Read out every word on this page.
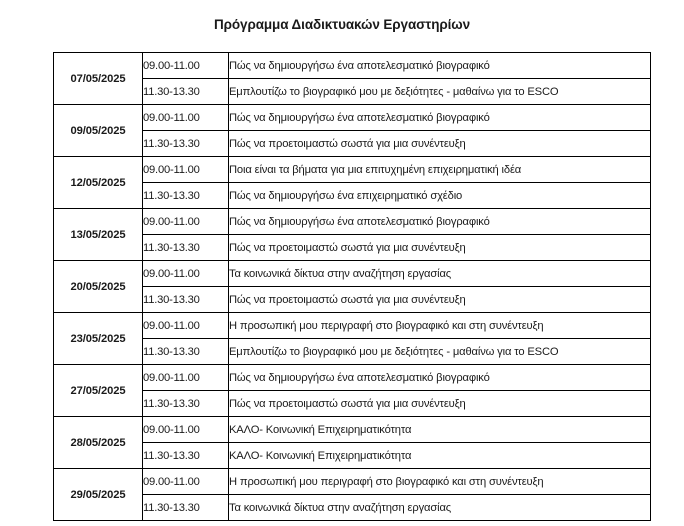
Πρόγραμμα Διαδικτυακών Εργαστηρίων
07/05/2025	09.00-11.00	Πώς να δημιουργήσω ένα αποτελεσματικό βιογραφικό
	11.30-13.30	Εμπλουτίζω το βιογραφικό μου με δεξιότητες - μαθαίνω για το ESCO
09/05/2025	09.00-11.00	Πώς να δημιουργήσω ένα αποτελεσματικό βιογραφικό
	11.30-13.30	Πώς να προετοιμαστώ σωστά για μια συνέντευξη
12/05/2025	09.00-11.00	Ποια είναι τα βήματα για μια επιτυχημένη επιχειρηματική ιδέα
	11.30-13.30	Πώς να δημιουργήσω ένα επιχειρηματικό σχέδιο
13/05/2025	09.00-11.00	Πώς να δημιουργήσω ένα αποτελεσματικό βιογραφικό
	11.30-13.30	Πώς να προετοιμαστώ σωστά για μια συνέντευξη
20/05/2025	09.00-11.00	Τα κοινωνικά δίκτυα στην αναζήτηση εργασίας
	11.30-13.30	Πώς να προετοιμαστώ σωστά για μια συνέντευξη
23/05/2025	09.00-11.00	Η προσωπική μου περιγραφή στο βιογραφικό και στη συνέντευξη
	11.30-13.30	Εμπλουτίζω το βιογραφικό μου με δεξιότητες - μαθαίνω για το ESCO
27/05/2025	09.00-11.00	Πώς να δημιουργήσω ένα αποτελεσματικό βιογραφικό
	11.30-13.30	Πώς να προετοιμαστώ σωστά για μια συνέντευξη
28/05/2025	09.00-11.00	ΚΑΛΟ- Κοινωνική Επιχειρηματικότητα
	11.30-13.30	ΚΑΛΟ- Κοινωνική Επιχειρηματικότητα
29/05/2025	09.00-11.00	Η προσωπική μου περιγραφή στο βιογραφικό και στη συνέντευξη
	11.30-13.30	Τα κοινωνικά δίκτυα στην αναζήτηση εργασίας
